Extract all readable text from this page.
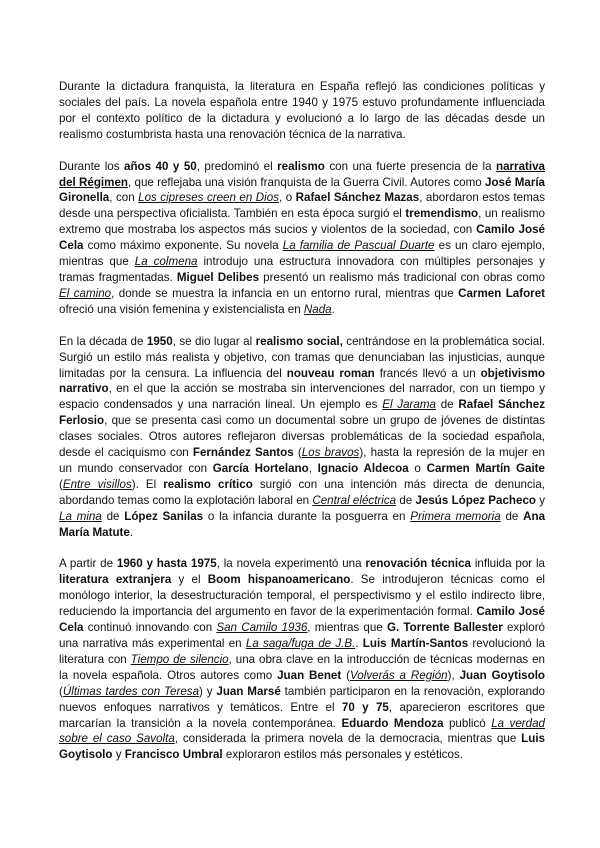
Durante la dictadura franquista, la literatura en España reflejó las condiciones políticas y sociales del país. La novela española entre 1940 y 1975 estuvo profundamente influenciada por el contexto político de la dictadura y evolucionó a lo largo de las décadas desde un realismo costumbrista hasta una renovación técnica de la narrativa.

Durante los años 40 y 50, predominó el realismo con una fuerte presencia de la narrativa del Régimen, que reflejaba una visión franquista de la Guerra Civil. Autores como José María Gironella, con Los cipreses creen en Dios, o Rafael Sánchez Mazas, abordaron estos temas desde una perspectiva oficialista. También en esta época surgió el tremendismo, un realismo extremo que mostraba los aspectos más sucios y violentos de la sociedad, con Camilo José Cela como máximo exponente. Su novela La familia de Pascual Duarte es un claro ejemplo, mientras que La colmena introdujo una estructura innovadora con múltiples personajes y tramas fragmentadas. Miguel Delibes presentó un realismo más tradicional con obras como El camino, donde se muestra la infancia en un entorno rural, mientras que Carmen Laforet ofreció una visión femenina y existencialista en Nada.

En la década de 1950, se dio lugar al realismo social, centrándose en la problemática social. Surgió un estilo más realista y objetivo, con tramas que denunciaban las injusticias, aunque limitadas por la censura. La influencia del nouveau roman francés llevó a un objetivismo narrativo, en el que la acción se mostraba sin intervenciones del narrador, con un tiempo y espacio condensados y una narración lineal. Un ejemplo es El Jarama de Rafael Sánchez Ferlosio, que se presenta casi como un documental sobre un grupo de jóvenes de distintas clases sociales. Otros autores reflejaron diversas problemáticas de la sociedad española, desde el caciquismo con Fernández Santos (Los bravos), hasta la represión de la mujer en un mundo conservador con García Hortelano, Ignacio Aldecoa o Carmen Martín Gaite (Entre visillos). El realismo crítico surgió con una intención más directa de denuncia, abordando temas como la explotación laboral en Central eléctrica de Jesús López Pacheco y La mina de López Sanilas o la infancia durante la posguerra en Primera memoria de Ana María Matute.

A partir de 1960 y hasta 1975, la novela experimentó una renovación técnica influida por la literatura extranjera y el Boom hispanoamericano. Se introdujeron técnicas como el monólogo interior, la desestructuración temporal, el perspectivismo y el estilo indirecto libre, reduciendo la importancia del argumento en favor de la experimentación formal. Camilo José Cela continuó innovando con San Camilo 1936, mientras que G. Torrente Ballester exploró una narrativa más experimental en La saga/fuga de J.B.. Luis Martín-Santos revolucionó la literatura con Tiempo de silencio, una obra clave en la introducción de técnicas modernas en la novela española. Otros autores como Juan Benet (Volverás a Región), Juan Goytisolo (Últimas tardes con Teresa) y Juan Marsé también participaron en la renovación, explorando nuevos enfoques narrativos y temáticos. Entre el 70 y 75, aparecieron escritores que marcarían la transición a la novela contemporánea. Eduardo Mendoza publicó La verdad sobre el caso Savolta, considerada la primera novela de la democracia, mientras que Luis Goytisolo y Francisco Umbral exploraron estilos más personales y estéticos.
